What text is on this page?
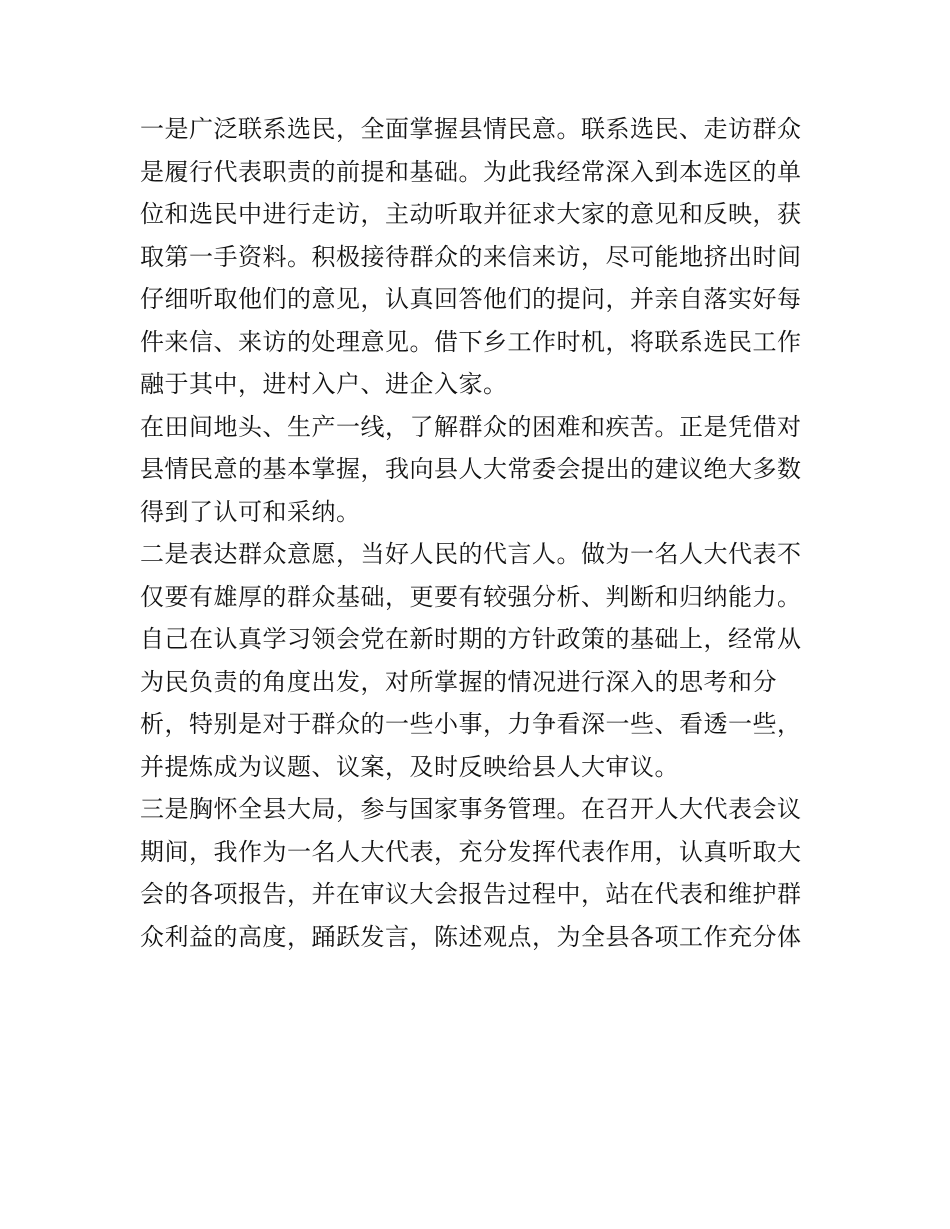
一是广泛联系选民，全面掌握县情民意。联系选民、走访群众

是履行代表职责的前提和基础。为此我经常深入到本选区的单

位和选民中进行走访，主动听取并征求大家的意见和反映，获

取第一手资料。积极接待群众的来信来访，尽可能地挤出时间

仔细听取他们的意见，认真回答他们的提问，并亲自落实好每

件来信、来访的处理意见。借下乡工作时机，将联系选民工作

融于其中，进村入户、进企入家。

在田间地头、生产一线，了解群众的困难和疾苦。正是凭借对

县情民意的基本掌握，我向县人大常委会提出的建议绝大多数

得到了认可和采纳。

二是表达群众意愿，当好人民的代言人。做为一名人大代表不

仅要有雄厚的群众基础，更要有较强分析、判断和归纳能力。

自己在认真学习领会党在新时期的方针政策的基础上，经常从

为民负责的角度出发，对所掌握的情况进行深入的思考和分

析，特别是对于群众的一些小事，力争看深一些、看透一些，

并提炼成为议题、议案，及时反映给县人大审议。

三是胸怀全县大局，参与国家事务管理。在召开人大代表会议

期间，我作为一名人大代表，充分发挥代表作用，认真听取大

会的各项报告，并在审议大会报告过程中，站在代表和维护群

众利益的高度，踊跃发言，陈述观点，为全县各项工作充分体
